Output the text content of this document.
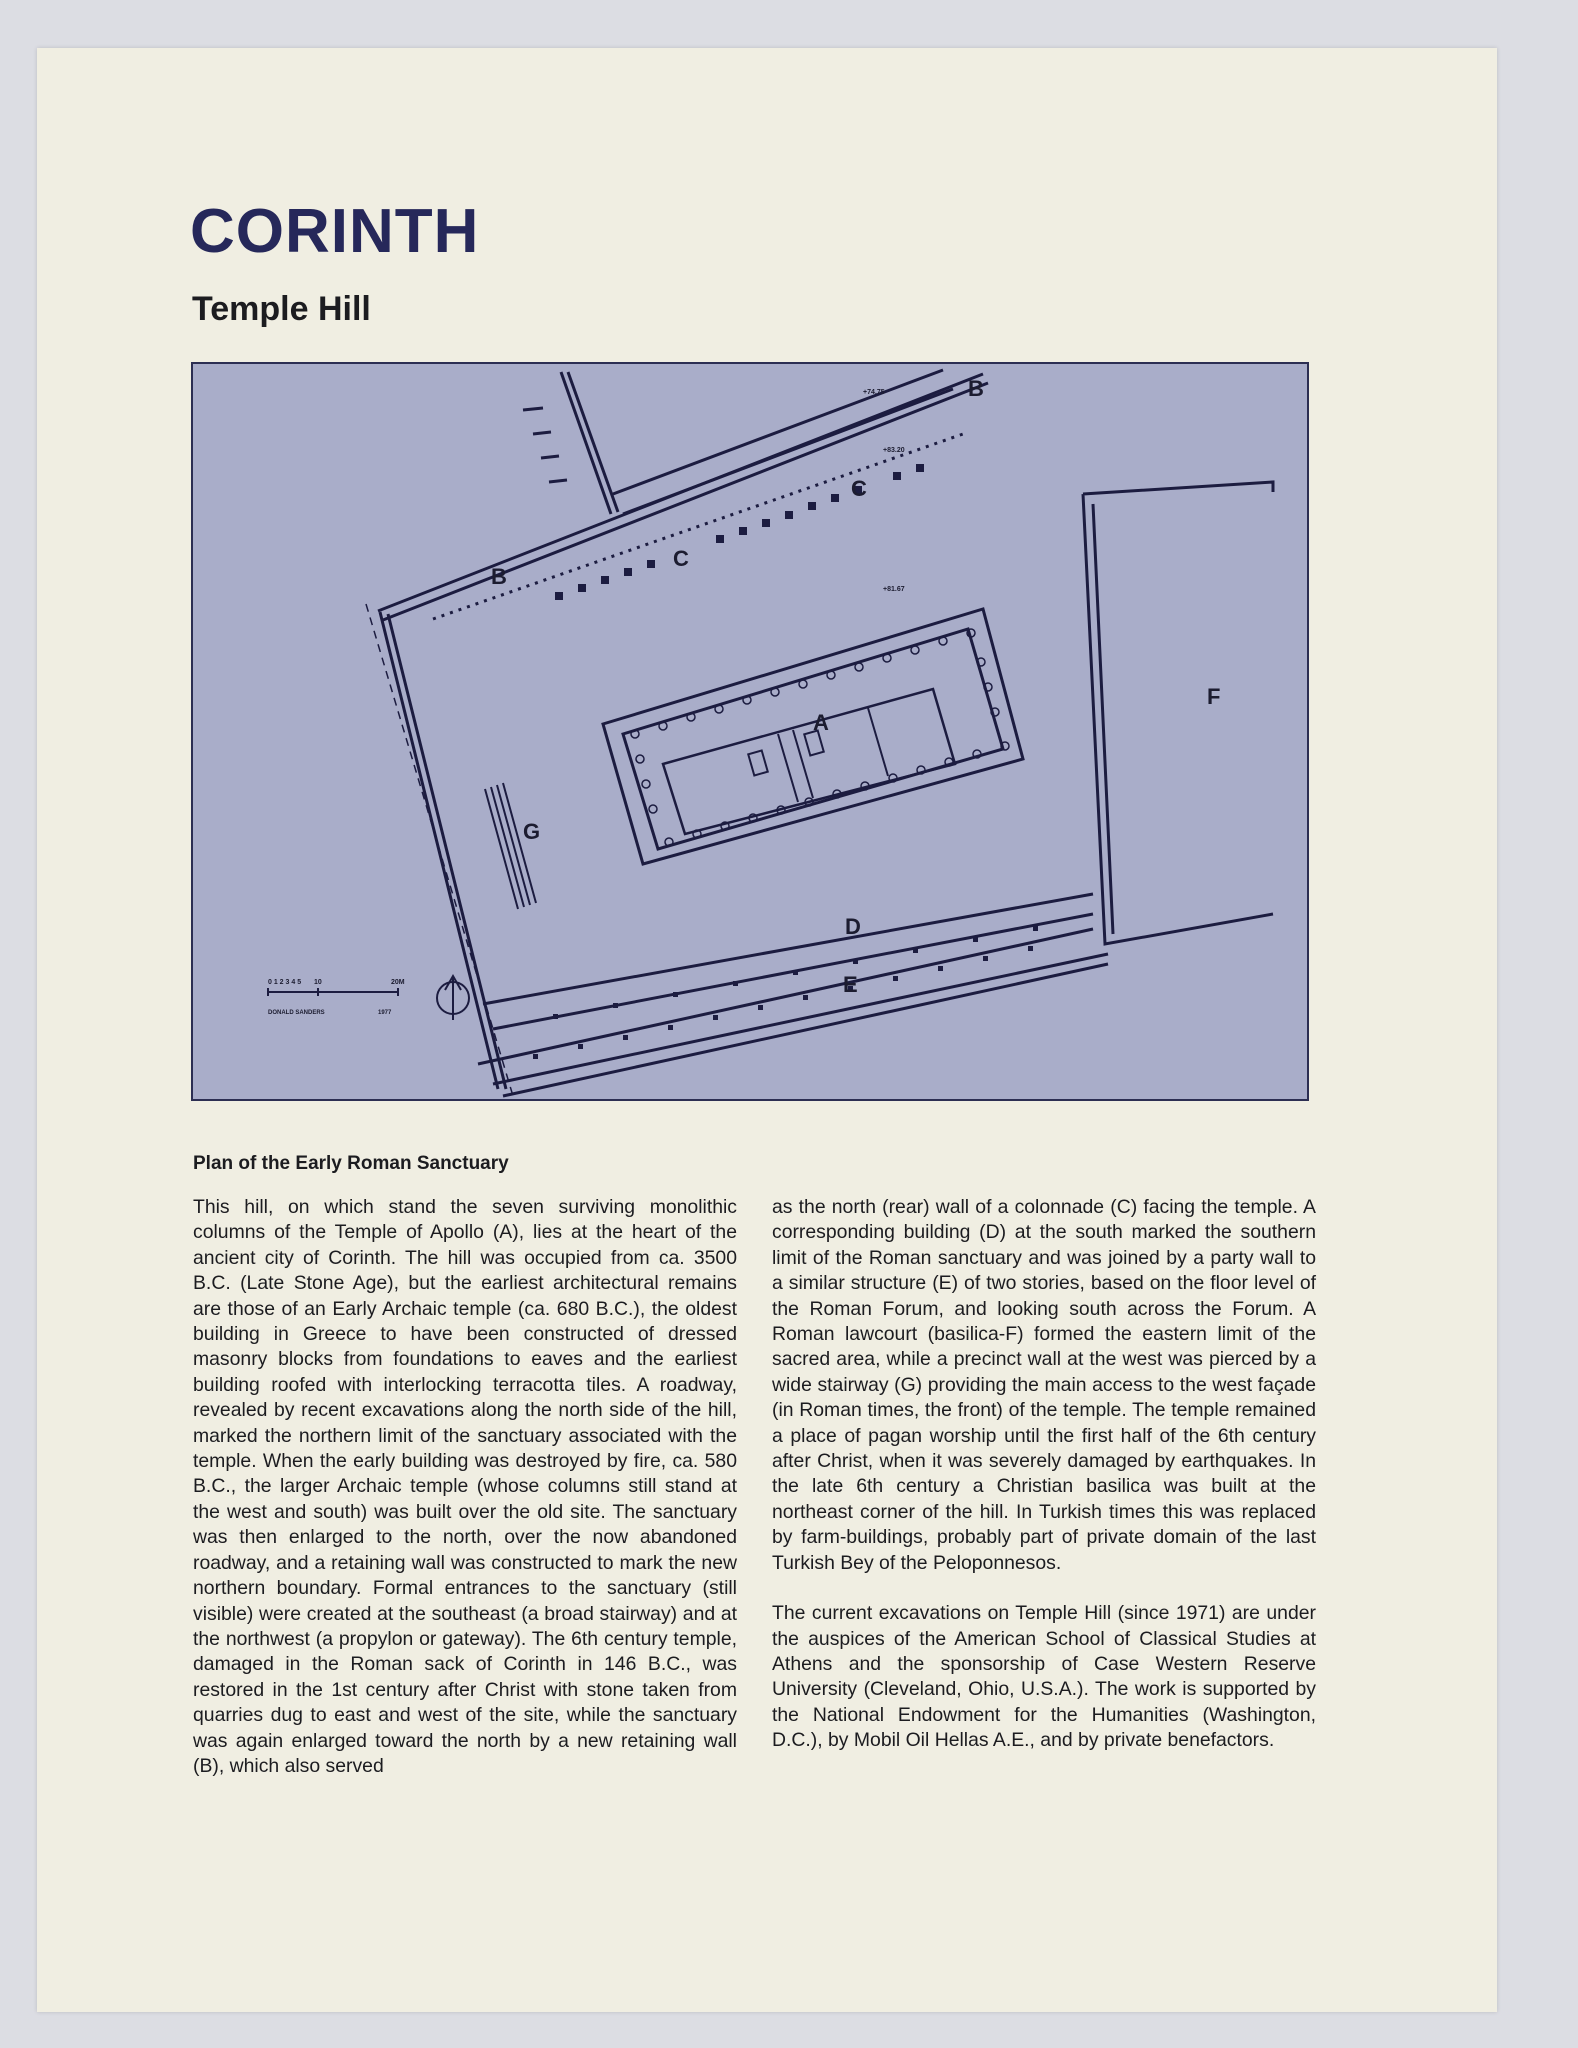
CORINTH
Temple Hill
A
B
B
C
C
D
E
F
G
+74.75
+83.20
+81.67
0 1 2 3 4 5 10	20M
DONALD SANDERS	1977
Plan of the Early Roman Sanctuary

This hill, on which stand the seven surviving monolithic columns of the Temple of Apollo (A), lies at the heart of the ancient city of Corinth. The hill was occupied from ca. 3500 B.C. (Late Stone Age), but the earliest architectural remains are those of an Early Archaic temple (ca. 680 B.C.), the oldest building in Greece to have been constructed of dressed masonry blocks from foundations to eaves and the earliest building roofed with interlocking terracotta tiles. A roadway, revealed by recent excavations along the north side of the hill, marked the northern limit of the sanctuary associated with the temple. When the early building was destroyed by fire, ca. 580 B.C., the larger Archaic temple (whose columns still stand at the west and south) was built over the old site. The sanctuary was then enlarged to the north, over the now abandoned roadway, and a retaining wall was constructed to mark the new northern boundary. Formal entrances to the sanctuary (still visible) were created at the southeast (a broad stairway) and at the northwest (a propylon or gateway). The 6th century temple, damaged in the Roman sack of Corinth in 146 B.C., was restored in the 1st century after Christ with stone taken from quarries dug to east and west of the site, while the sanctuary was again enlarged toward the north by a new retaining wall (B), which also served

as the north (rear) wall of a colonnade (C) facing the temple. A corresponding building (D) at the south marked the southern limit of the Roman sanctuary and was joined by a party wall to a similar structure (E) of two stories, based on the floor level of the Roman Forum, and looking south across the Forum. A Roman lawcourt (basilica-F) formed the eastern limit of the sacred area, while a precinct wall at the west was pierced by a wide stairway (G) providing the main access to the west façade (in Roman times, the front) of the temple. The temple remained a place of pagan worship until the first half of the 6th century after Christ, when it was severely damaged by earthquakes. In the late 6th century a Christian basilica was built at the northeast corner of the hill. In Turkish times this was replaced by farm-buildings, probably part of private domain of the last Turkish Bey of the Peloponnesos.

The current excavations on Temple Hill (since 1971) are under the auspices of the American School of Classical Studies at Athens and the sponsorship of Case Western Reserve University (Cleveland, Ohio, U.S.A.). The work is supported by the National Endowment for the Humanities (Washington, D.C.), by Mobil Oil Hellas A.E., and by private benefactors.
